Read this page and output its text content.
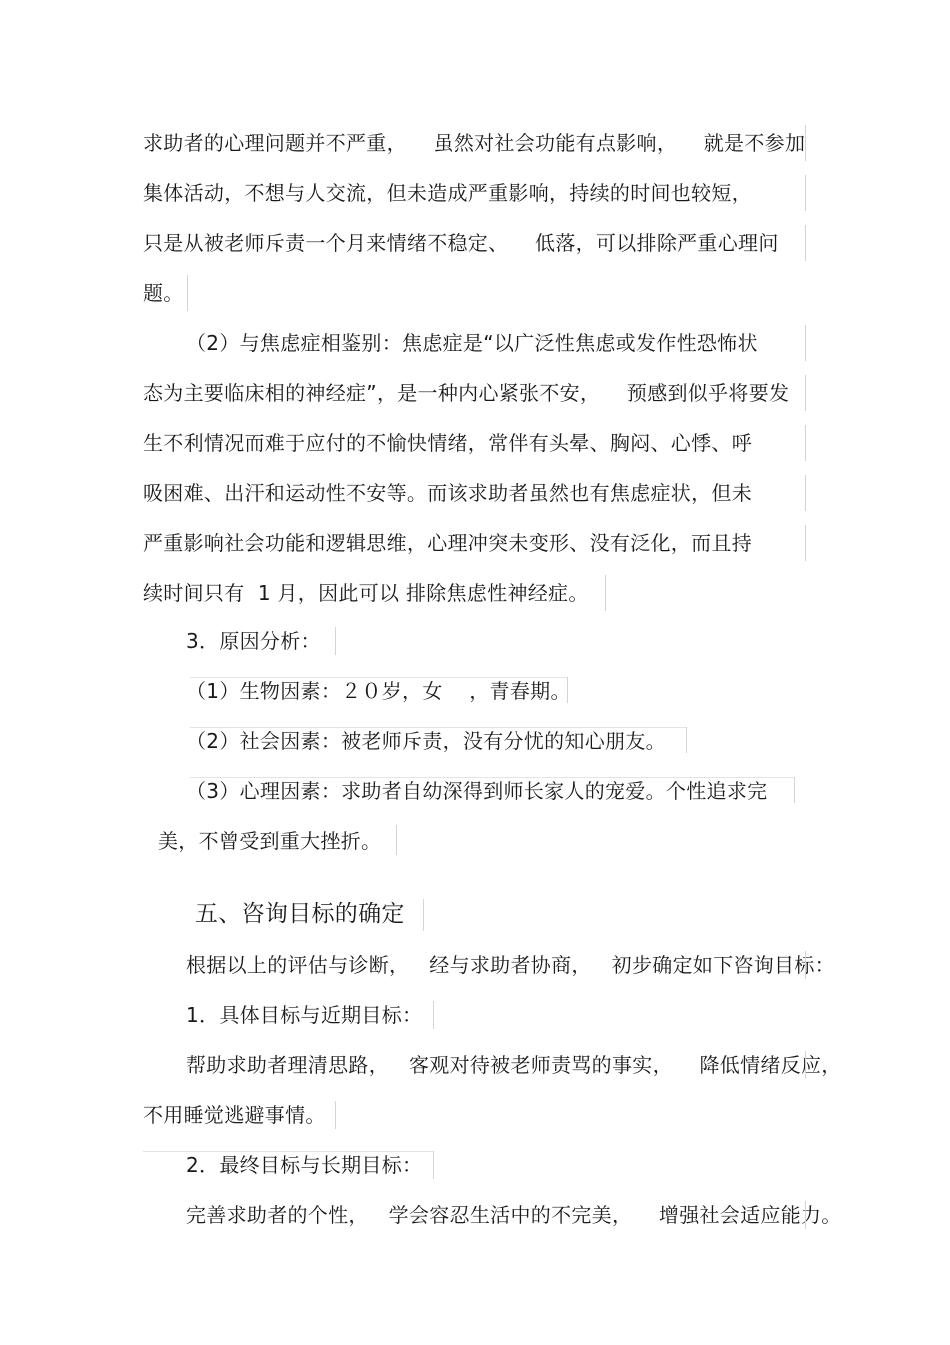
求助者的心理问题并不严重，    虽然对社会功能有点影响，    就是不参加
集体活动，不想与人交流，但未造成严重影响，持续的时间也较短，
只是从被老师斥责一个月来情绪不稳定、    低落，可以排除严重心理问
题。
（2）与焦虑症相鉴别：焦虑症是“以广泛性焦虑或发作性恐怖状
态为主要临床相的神经症”，是一种内心紧张不安，    预感到似乎将要发
生不利情况而难于应付的不愉快情绪，常伴有头晕、胸闷、心悸、呼
吸困难、出汗和运动性不安等。而该求助者虽然也有焦虑症状，但未
严重影响社会功能和逻辑思维，心理冲突未变形、没有泛化，而且持
续时间只有  1 月，因此可以 排除焦虑性神经症。
3．原因分析：
（1）生物因素：２０岁，女    ，青春期。
（2）社会因素：被老师斥责，没有分忧的知心朋友。
（3）心理因素：求助者自幼深得到师长家人的宠爱。个性追求完
美，不曾受到重大挫折。
五、咨询目标的确定
根据以上的评估与诊断，   经与求助者协商，   初步确定如下咨询目标：
1．具体目标与近期目标：
帮助求助者理清思路，   客观对待被老师责骂的事实，    降低情绪反应，
不用睡觉逃避事情。
2．最终目标与长期目标：
完善求助者的个性，   学会容忍生活中的不完美，    增强社会适应能力。
